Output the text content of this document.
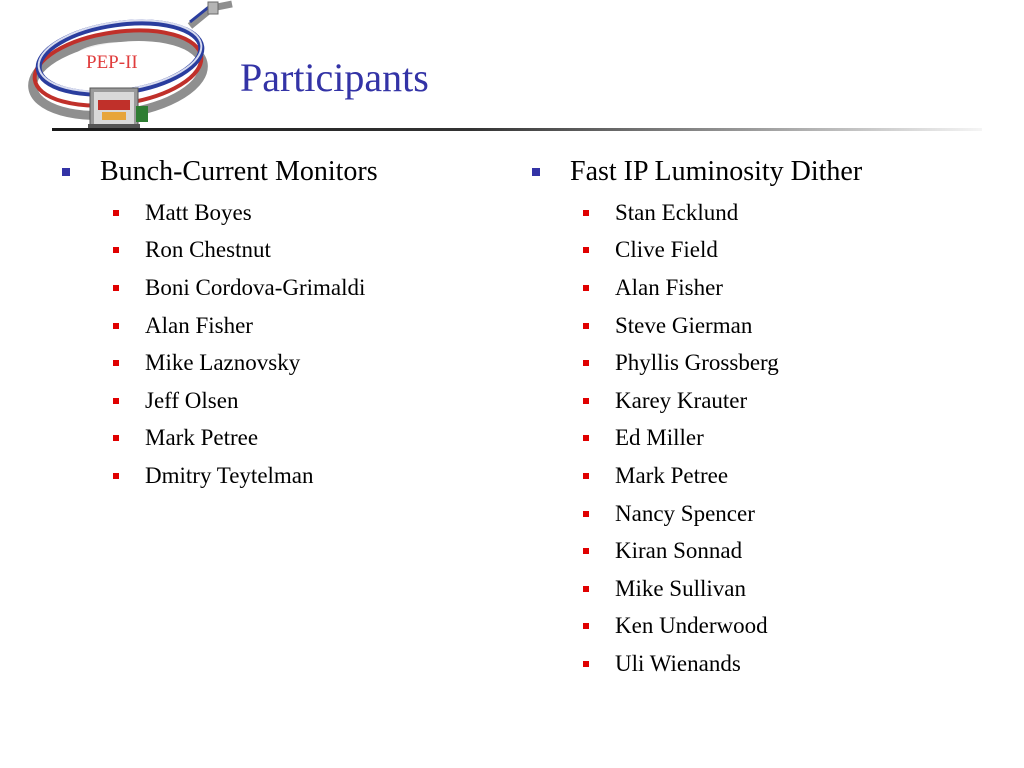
PEP-II	Participants
Bunch-Current Monitors
Matt Boyes
Ron Chestnut
Boni Cordova-Grimaldi
Alan Fisher
Mike Laznovsky
Jeff Olsen
Mark Petree
Dmitry Teytelman
Fast IP Luminosity Dither
Stan Ecklund
Clive Field
Alan Fisher
Steve Gierman
Phyllis Grossberg
Karey Krauter
Ed Miller
Mark Petree
Nancy Spencer
Kiran Sonnad
Mike Sullivan
Ken Underwood
Uli Wienands
